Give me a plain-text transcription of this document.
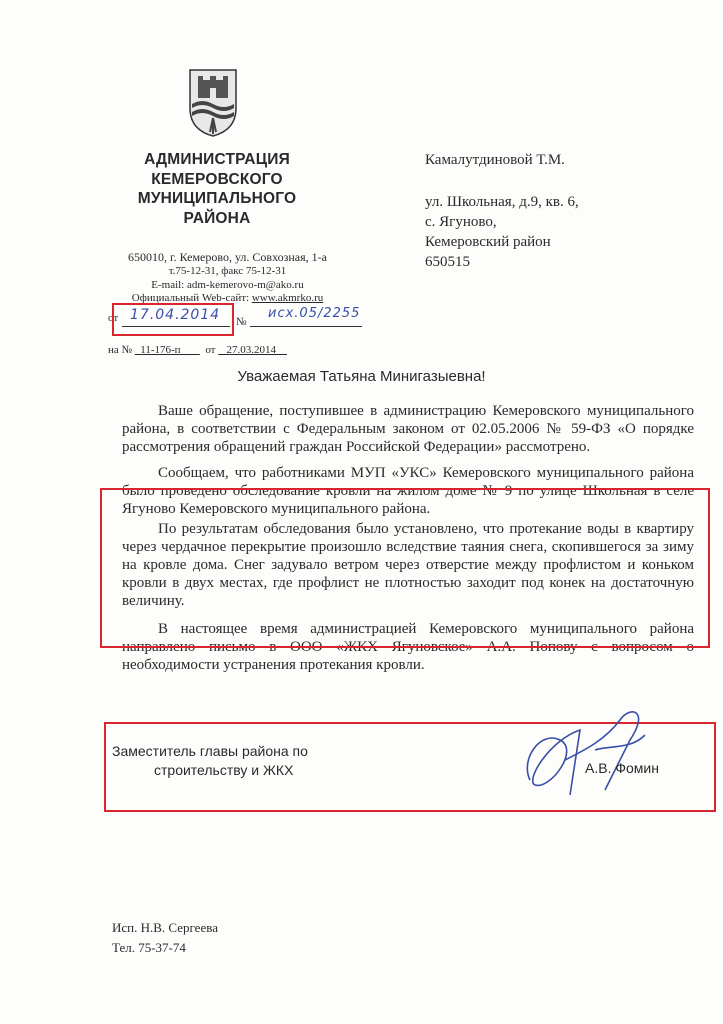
АДМИНИСТРАЦИЯ
КЕМЕРОВСКОГО
МУНИЦИПАЛЬНОГО
РАЙОНА
650010, г. Кемерово, ул. Совхозная, 1-а
т.75-12-31, факс 75-12-31
E-mail: adm-kemerovo-m@ako.ru
Официальный Web-сайт: www.akmrko.ru
от 17.04.2014 №
исх.05/2255
на № 11-176-п от 27.03.2014
Камалутдиновой Т.М.
ул. Школьная, д.9, кв. 6,
с. Ягуново,
Кемеровский район
650515
Уважаемая Татьяна Минигазыевна!

Ваше обращение, поступившее в администрацию Кемеровского муниципального района, в соответствии с Федеральным законом от 02.05.2006 № 59-ФЗ «О порядке рассмотрения обращений граждан Российской Федерации» рассмотрено.

Сообщаем, что работниками МУП «УКС» Кемеровского муниципального района было проведено обследование кровли на жилом доме № 9 по улице Школьная в селе Ягуново Кемеровского муниципального района.

По результатам обследования было установлено, что протекание воды в квартиру через чердачное перекрытие произошло вследствие таяния снега, скопившегося за зиму на кровле дома. Снег задувало ветром через отверстие между профлистом и коньком кровли в двух местах, где профлист не плотностью заходит под конек на достаточную величину.

В настоящее время администрацией Кемеровского муниципального района направлено письмо в ООО «ЖКХ Ягуновское» А.А. Попову с вопросом о необходимости устранения протекания кровли.

Заместитель главы района по
строительству и ЖКХ	А.В. Фомин
Исп. Н.В. Сергеева
Тел. 75-37-74
